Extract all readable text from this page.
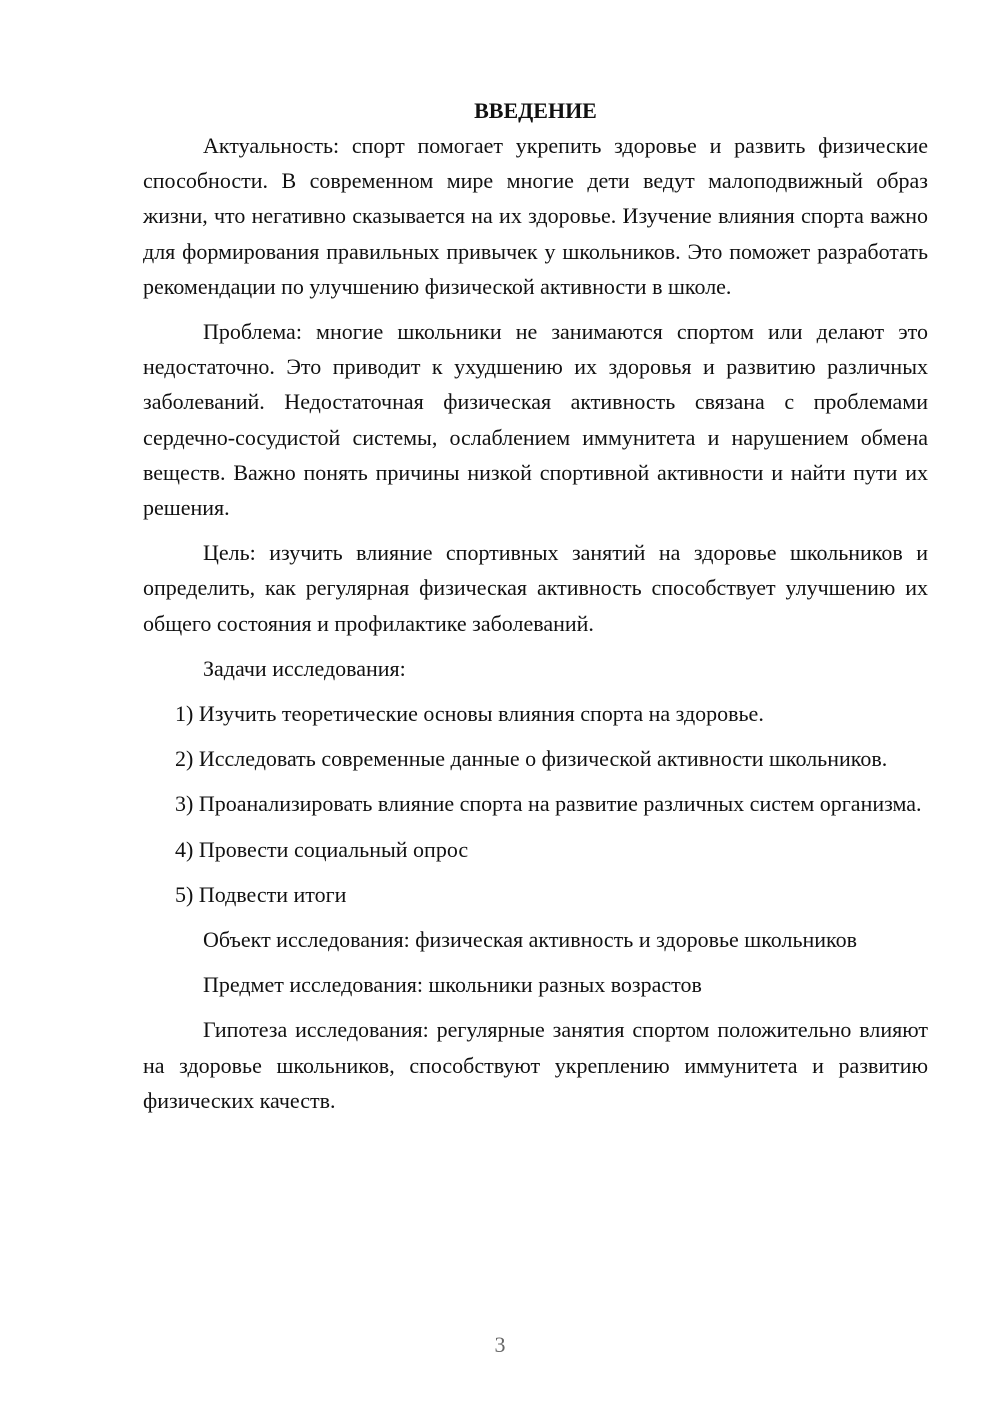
ВВЕДЕНИЕ

Актуальность: спорт помогает укрепить здоровье и развить физические способности. В современном мире многие дети ведут малоподвижный образ жизни, что негативно сказывается на их здоровье. Изучение влияния спорта важно для формирования правильных привычек у школьников. Это поможет разработать рекомендации по улучшению физической активности в школе.

Проблема: многие школьники не занимаются спортом или делают это недостаточно. Это приводит к ухудшению их здоровья и развитию различных заболеваний. Недостаточная физическая активность связана с проблемами сердечно-сосудистой системы, ослаблением иммунитета и нарушением обмена веществ. Важно понять причины низкой спортивной активности и найти пути их решения.

Цель: изучить влияние спортивных занятий на здоровье школьников и определить, как регулярная физическая активность способствует улучшению их общего состояния и профилактике заболеваний.

Задачи исследования:

1) Изучить теоретические основы влияния спорта на здоровье.

2) Исследовать современные данные о физической активности школьников.

3) Проанализировать влияние спорта на развитие различных систем организма.

4) Провести социальный опрос

5) Подвести итоги

Объект исследования: физическая активность и здоровье школьников

Предмет исследования: школьники разных возрастов

Гипотеза исследования: регулярные занятия спортом положительно влияют на здоровье школьников, способствуют укреплению иммунитета и развитию физических качеств.

3
